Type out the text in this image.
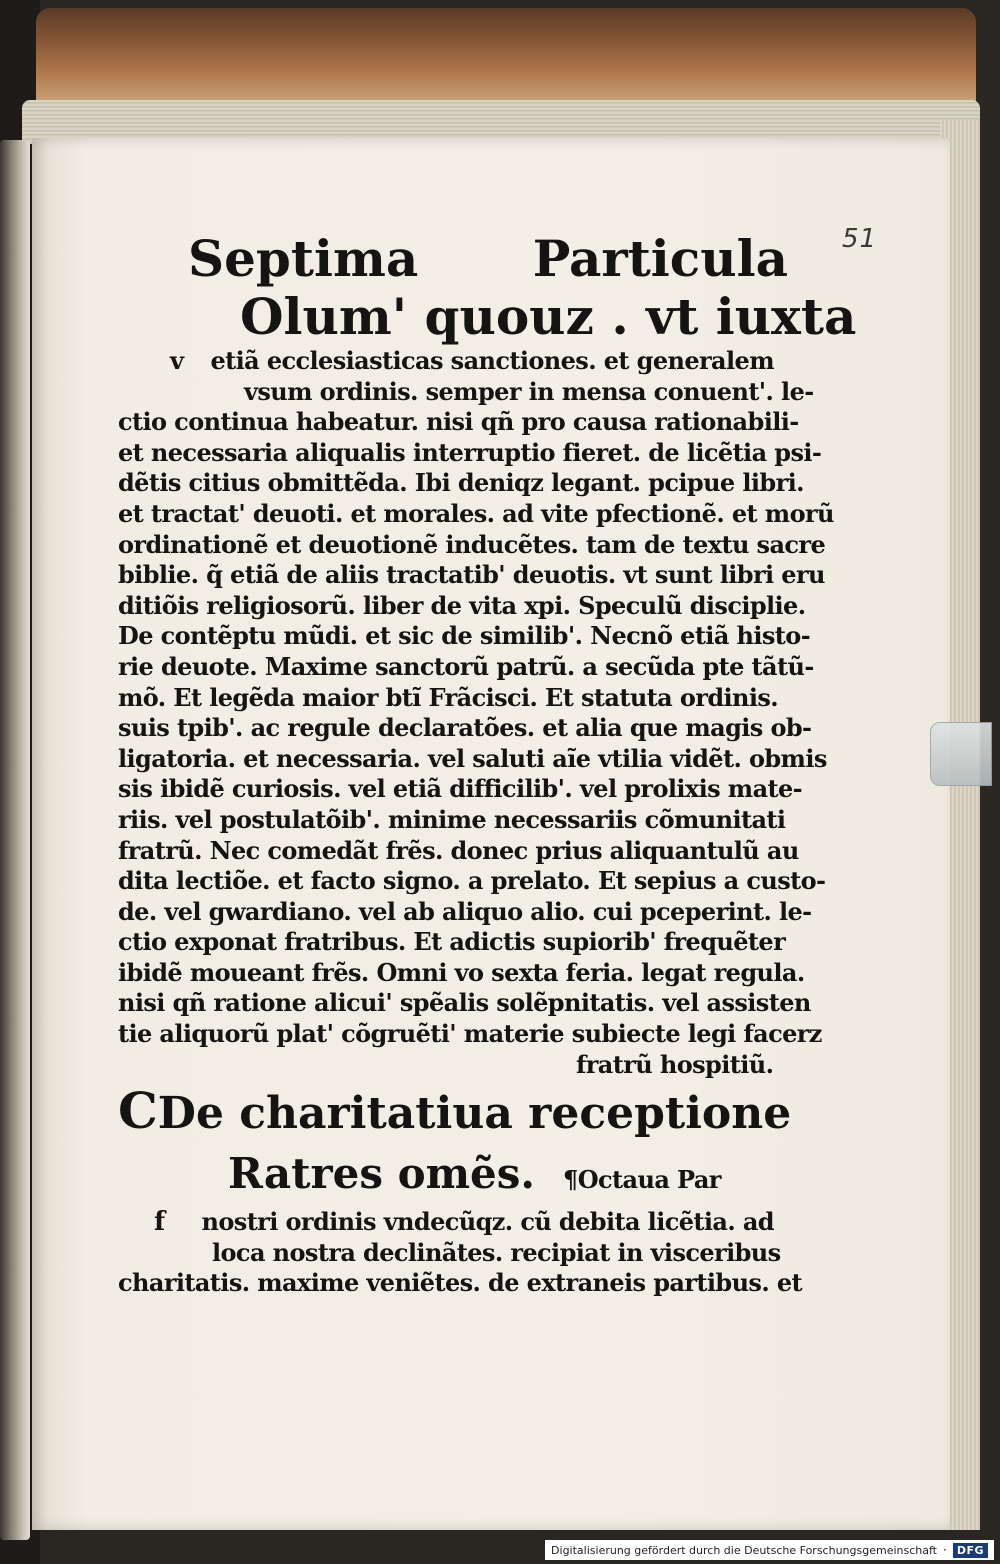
51
Septima Particula
Olum' quouz . vt iuxta
v	etiã ecclesiasticas sanctiones. et generalem
vsum ordinis. semper in mensa conuent'. le-
ctio continua habeatur. nisi qñ pro causa rationabili-
et necessaria aliqualis interruptio fieret. de licẽtia psi-
dẽtis citius obmittẽda. Ibi deniqz legant. pcipue libri.
et tractat' deuoti. et morales. ad vite pfectionẽ. et morũ
ordinationẽ et deuotionẽ inducẽtes. tam de textu sacre
biblie. q̃ etiã de aliis tractatib' deuotis. vt sunt libri eru
ditiõis religiosorũ. liber de vita xpi. Speculũ disciplie.
De contẽptu mũdi. et sic de similib'. Necnõ etiã histo-
rie deuote. Maxime sanctorũ patrũ. a secũda pte tãtũ-
mõ. Et legẽda maior btĩ Frãcisci. Et statuta ordinis.
suis tpib'. ac regule declaratões. et alia que magis ob-
ligatoria. et necessaria. vel saluti aĩe vtilia vidẽt. obmis
sis ibidẽ curiosis. vel etiã difficilib'. vel prolixis mate-
riis. vel postulatõib'. minime necessariis cõmunitati
fratrũ. Nec comedãt frẽs. donec prius aliquantulũ au
dita lectiõe. et facto signo. a prelato. Et sepius a custo-
de. vel gwardiano. vel ab aliquo alio. cui pceperint. le-
ctio exponat fratribus. Et adictis supiorib' frequẽter
ibidẽ moueant frẽs. Omni vo sexta feria. legat regula.
nisi qñ ratione alicui' spẽalis solẽpnitatis. vel assisten
tie aliquorũ plat' cõgruẽti' materie subiecte legi facerz
fratrũ hospitiũ.
C De charitatiua receptione
Ratres omẽs. ¶Octaua Par
f	nostri ordinis vndecũqz. cũ debita licẽtia. ad
loca nostra declinãtes. recipiat in visceribus
charitatis. maxime veniẽtes. de extraneis partibus. et
Digitalisierung gefördert durch die Deutsche Forschungsgemeinschaft · DFG
